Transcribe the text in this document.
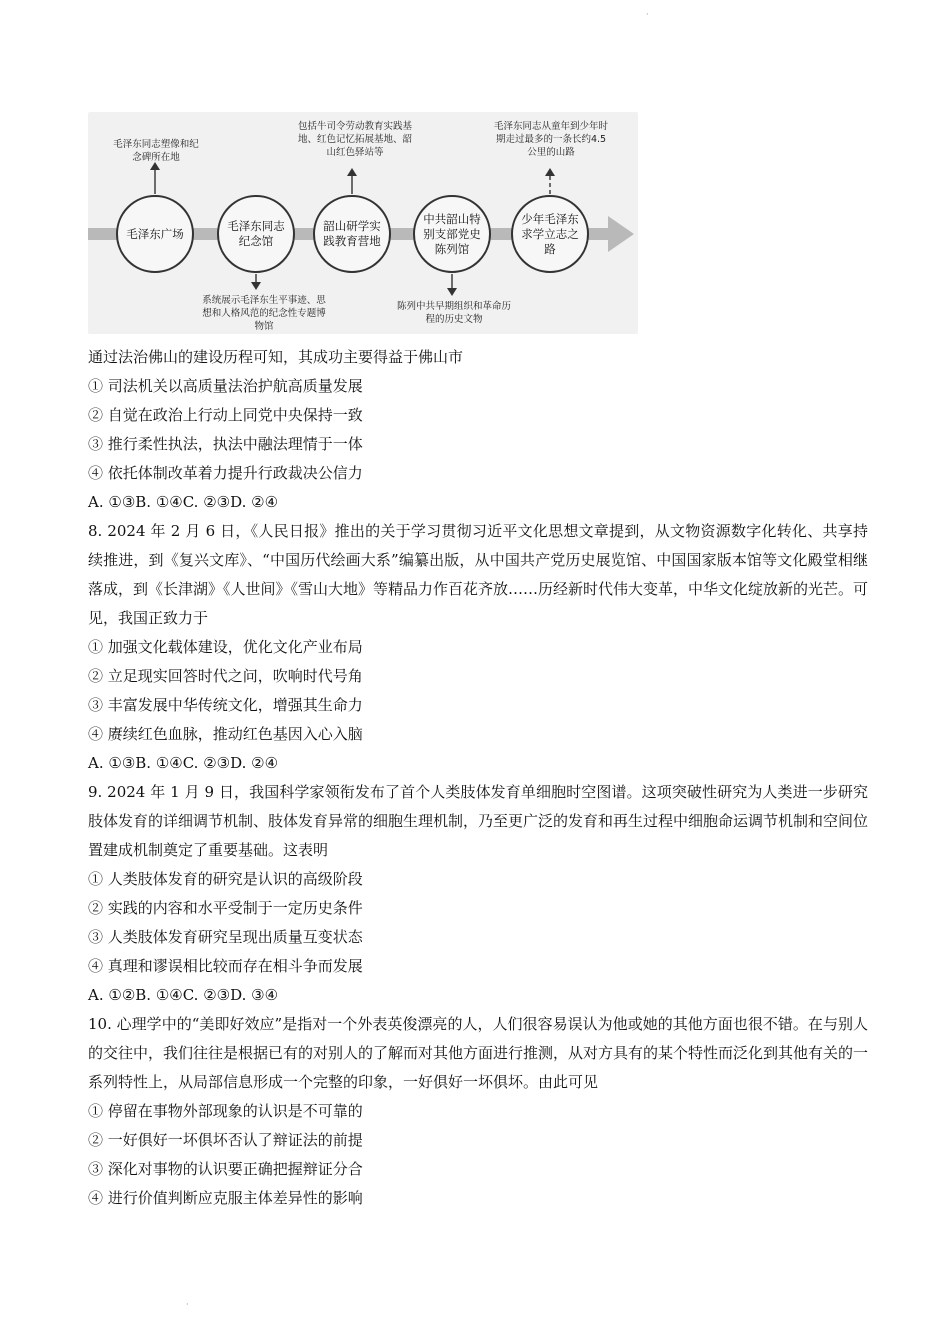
·
毛泽东同志塑像和纪念碑所在地
包括牛司令劳动教育实践基地、红色记忆拓展基地、韶山红色驿站等
毛泽东同志从童年到少年时期走过最多的一条长约4.5公里的山路
系统展示毛泽东生平事迹、思想和人格风范的纪念性专题博物馆
陈列中共早期组织和革命历程的历史文物
毛泽东广场
毛泽东同志纪念馆
韶山研学实践教育营地
中共韶山特别支部党史陈列馆
少年毛泽东求学立志之路
通过法治佛山的建设历程可知，其成功主要得益于佛山市
① 司法机关以高质量法治护航高质量发展
② 自觉在政治上行动上同党中央保持一致
③ 推行柔性执法，执法中融法理情于一体
④ 依托体制改革着力提升行政裁决公信力
A. ①③B. ①④C. ②③D. ②④
8. 2024 年 2 月 6 日，《人民日报》推出的关于学习贯彻习近平文化思想文章提到，从文物资源数字化转化、共享持续推进，到《复兴文库》、“中国历代绘画大系”编纂出版，从中国共产党历史展览馆、中国国家版本馆等文化殿堂相继落成，到《长津湖》《人世间》《雪山大地》等精品力作百花齐放……历经新时代伟大变革，中华文化绽放新的光芒。可见，我国正致力于
① 加强文化载体建设，优化文化产业布局
② 立足现实回答时代之问，吹响时代号角
③ 丰富发展中华传统文化，增强其生命力
④ 赓续红色血脉，推动红色基因入心入脑
A. ①③B. ①④C. ②③D. ②④
9. 2024 年 1 月 9 日，我国科学家领衔发布了首个人类肢体发育单细胞时空图谱。这项突破性研究为人类进一步研究肢体发育的详细调节机制、肢体发育异常的细胞生理机制，乃至更广泛的发育和再生过程中细胞命运调节机制和空间位置建成机制奠定了重要基础。这表明
① 人类肢体发育的研究是认识的高级阶段
② 实践的内容和水平受制于一定历史条件
③ 人类肢体发育研究呈现出质量互变状态
④ 真理和谬误相比较而存在相斗争而发展
A. ①②B. ①④C. ②③D. ③④
10. 心理学中的“美即好效应”是指对一个外表英俊漂亮的人，人们很容易误认为他或她的其他方面也很不错。在与别人的交往中，我们往往是根据已有的对别人的了解而对其他方面进行推测，从对方具有的某个特性而泛化到其他有关的一系列特性上，从局部信息形成一个完整的印象，一好俱好一坏俱坏。由此可见
① 停留在事物外部现象的认识是不可靠的
② 一好俱好一坏俱坏否认了辩证法的前提
③ 深化对事物的认识要正确把握辩证分合
④ 进行价值判断应克服主体差异性的影响
·
